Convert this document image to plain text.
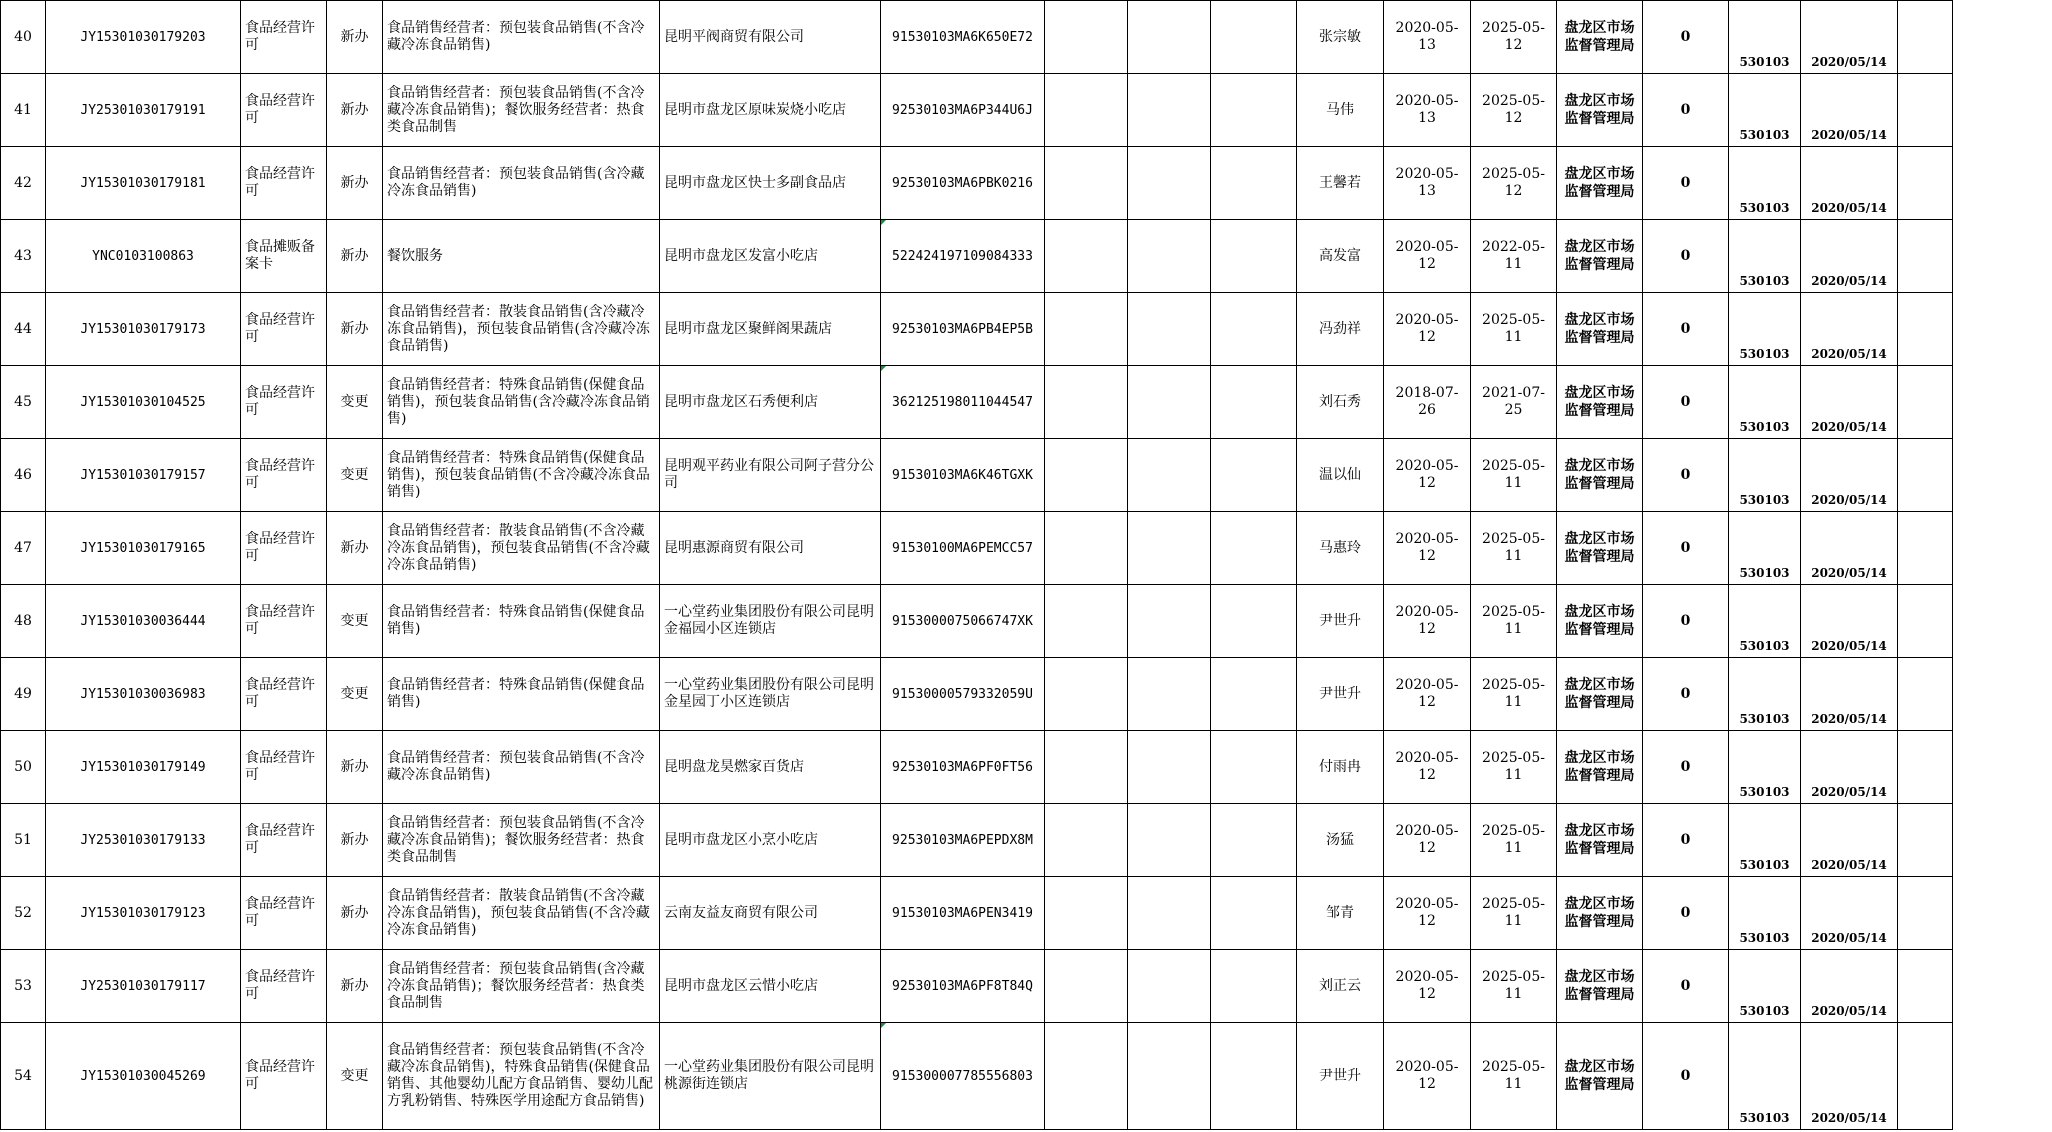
40	JY15301030179203	食品经营许可	新办	食品销售经营者：预包装食品销售(不含冷藏冷冻食品销售)	昆明平阀商贸有限公司	91530103MA6K650E72				张宗敏	2020-05-13	2025-05-12	盘龙区市场监督管理局	0	530103	2020/05/14	
41	JY25301030179191	食品经营许可	新办	食品销售经营者：预包装食品销售(不含冷藏冷冻食品销售)；餐饮服务经营者：热食类食品制售	昆明市盘龙区原味炭烧小吃店	92530103MA6P344U6J				马伟	2020-05-13	2025-05-12	盘龙区市场监督管理局	0	530103	2020/05/14	
42	JY15301030179181	食品经营许可	新办	食品销售经营者：预包装食品销售(含冷藏冷冻食品销售)	昆明市盘龙区快士多副食品店	92530103MA6PBK0216				王馨若	2020-05-13	2025-05-12	盘龙区市场监督管理局	0	530103	2020/05/14	
43	YNC0103100863	食品摊贩备案卡	新办	餐饮服务	昆明市盘龙区发富小吃店	522424197109084333				高发富	2020-05-12	2022-05-11	盘龙区市场监督管理局	0	530103	2020/05/14	
44	JY15301030179173	食品经营许可	新办	食品销售经营者：散装食品销售(含冷藏冷冻食品销售)，预包装食品销售(含冷藏冷冻食品销售)	昆明市盘龙区聚鲜阁果蔬店	92530103MA6PB4EP5B				冯劲祥	2020-05-12	2025-05-11	盘龙区市场监督管理局	0	530103	2020/05/14	
45	JY15301030104525	食品经营许可	变更	食品销售经营者：特殊食品销售(保健食品销售)，预包装食品销售(含冷藏冷冻食品销售)	昆明市盘龙区石秀便利店	362125198011044547				刘石秀	2018-07-26	2021-07-25	盘龙区市场监督管理局	0	530103	2020/05/14	
46	JY15301030179157	食品经营许可	变更	食品销售经营者：特殊食品销售(保健食品销售)，预包装食品销售(不含冷藏冷冻食品销售)	昆明观平药业有限公司阿子营分公司	91530103MA6K46TGXK				温以仙	2020-05-12	2025-05-11	盘龙区市场监督管理局	0	530103	2020/05/14	
47	JY15301030179165	食品经营许可	新办	食品销售经营者：散装食品销售(不含冷藏冷冻食品销售)，预包装食品销售(不含冷藏冷冻食品销售)	昆明惠源商贸有限公司	91530100MA6PEMCC57				马惠玲	2020-05-12	2025-05-11	盘龙区市场监督管理局	0	530103	2020/05/14	
48	JY15301030036444	食品经营许可	变更	食品销售经营者：特殊食品销售(保健食品销售)	一心堂药业集团股份有限公司昆明金福园小区连锁店	9153000075066747XK				尹世升	2020-05-12	2025-05-11	盘龙区市场监督管理局	0	530103	2020/05/14	
49	JY15301030036983	食品经营许可	变更	食品销售经营者：特殊食品销售(保健食品销售)	一心堂药业集团股份有限公司昆明金星园丁小区连锁店	915300005793320​59U				尹世升	2020-05-12	2025-05-11	盘龙区市场监督管理局	0	530103	2020/05/14	
50	JY15301030179149	食品经营许可	新办	食品销售经营者：预包装食品销售(不含冷藏冷冻食品销售)	昆明盘龙昊燃家百货店	92530103MA6PF0FT56				付雨冉	2020-05-12	2025-05-11	盘龙区市场监督管理局	0	530103	2020/05/14	
51	JY25301030179133	食品经营许可	新办	食品销售经营者：预包装食品销售(不含冷藏冷冻食品销售)；餐饮服务经营者：热食类食品制售	昆明市盘龙区小烹小吃店	92530103MA6PEPDX8M				汤猛	2020-05-12	2025-05-11	盘龙区市场监督管理局	0	530103	2020/05/14	
52	JY15301030179123	食品经营许可	新办	食品销售经营者：散装食品销售(不含冷藏冷冻食品销售)，预包装食品销售(不含冷藏冷冻食品销售)	云南友益友商贸有限公司	91530103MA6PEN3419				邹青	2020-05-12	2025-05-11	盘龙区市场监督管理局	0	530103	2020/05/14	
53	JY25301030179117	食品经营许可	新办	食品销售经营者：预包装食品销售(含冷藏冷冻食品销售)；餐饮服务经营者：热食类食品制售	昆明市盘龙区云惜小吃店	92530103MA6PF8T84Q				刘正云	2020-05-12	2025-05-11	盘龙区市场监督管理局	0	530103	2020/05/14	
54	JY15301030045269	食品经营许可	变更	食品销售经营者：预包装食品销售(不含冷藏冷冻食品销售)，特殊食品销售(保健食品销售、其他婴幼儿配方食品销售、婴幼儿配方乳粉销售、特殊医学用途配方食品销售)	一心堂药业集团股份有限公司昆明桃源街连锁店	915300007785556803				尹世升	2020-05-12	2025-05-11	盘龙区市场监督管理局	0	530103	2020/05/14	
